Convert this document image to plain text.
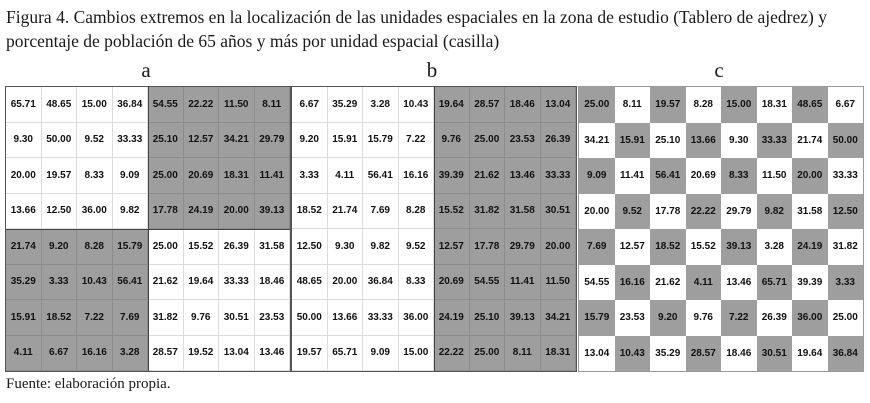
Figura 4. Cambios extremos en la localización de las unidades espaciales en la zona de estudio (Tablero de ajedrez) y porcentaje de población de 65 años y más por unidad espacial (casilla)

a	b	c
65.71	48.65	15.00	36.84	54.55	22.22	11.50	8.11
9.30	50.00	9.52	33.33	25.10	12.57	34.21	29.79
20.00	19.57	8.33	9.09	25.00	20.69	18.31	11.41
13.66	12.50	36.00	9.82	17.78	24.19	20.00	39.13
21.74	9.20	8.28	15.79	25.00	15.52	26.39	31.58
35.29	3.33	10.43	56.41	21.62	19.64	33.33	18.46
15.91	18.52	7.22	7.69	31.82	9.76	30.51	23.53
4.11	6.67	16.16	3.28	28.57	19.52	13.04	13.46
6.67	35.29	3.28	10.43	19.64	28.57	18.46	13.04
9.20	15.91	15.79	7.22	9.76	25.00	23.53	26.39
3.33	4.11	56.41	16.16	39.39	21.62	13.46	33.33
18.52	21.74	7.69	8.28	15.52	31.82	31.58	30.51
12.50	9.30	9.82	9.52	12.57	17.78	29.79	20.00
48.65	20.00	36.84	8.33	20.69	54.55	11.41	11.50
50.00	13.66	33.33	36.00	24.19	25.10	39.13	34.21
19.57	65.71	9.09	15.00	22.22	25.00	8.11	18.31
25.00	8.11	19.57	8.28	15.00	18.31	48.65	6.67
34.21	15.91	25.10	13.66	9.30	33.33	21.74	50.00
9.09	11.41	56.41	20.69	8.33	11.50	20.00	33.33
20.00	9.52	17.78	22.22	29.79	9.82	31.58	12.50
7.69	12.57	18.52	15.52	39.13	3.28	24.19	31.82
54.55	16.16	21.62	4.11	13.46	65.71	39.39	3.33
15.79	23.53	9.20	9.76	7.22	26.39	36.00	25.00
13.04	10.43	35.29	28.57	18.46	30.51	19.64	36.84
Fuente: elaboración propia.
